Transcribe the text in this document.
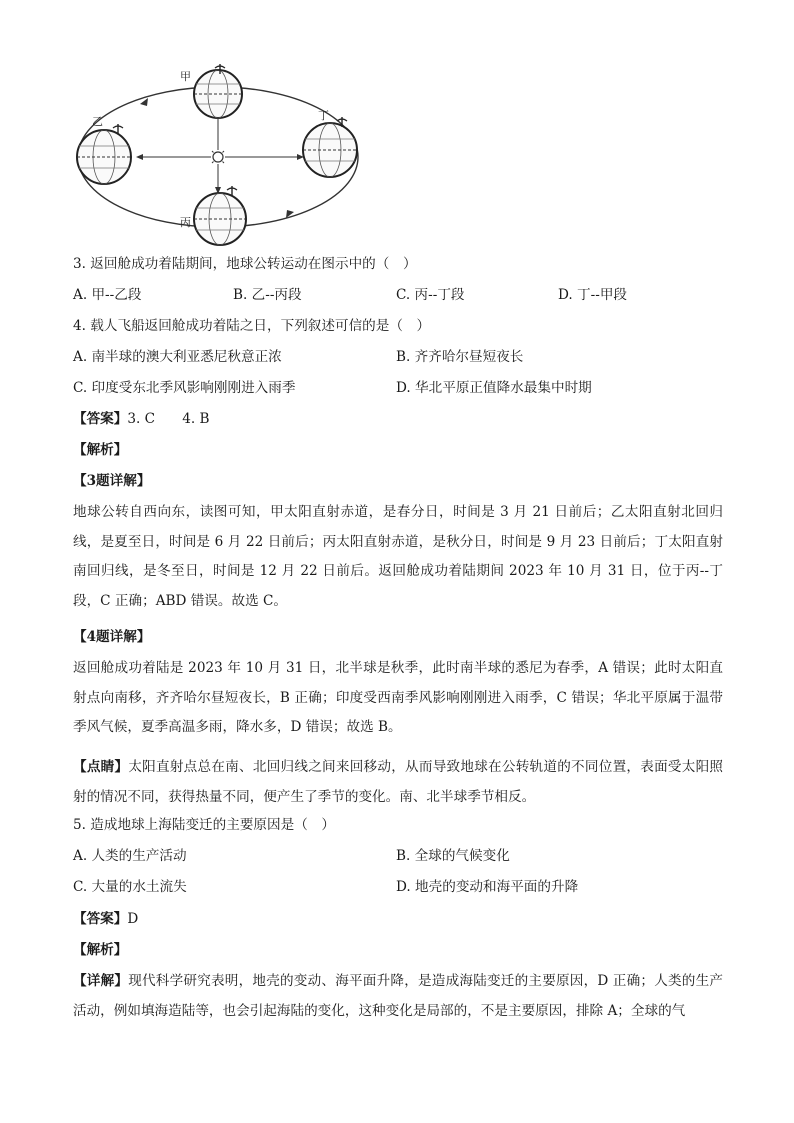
甲
乙
丙
丁
3. 返回舱成功着陆期间，地球公转运动在图示中的（　）
A. 甲--乙段	B. 乙--丙段	C. 丙--丁段	D. 丁--甲段
4. 载人飞船返回舱成功着陆之日，下列叙述可信的是（　）
A. 南半球的澳大利亚悉尼秋意正浓	B. 齐齐哈尔昼短夜长
C. 印度受东北季风影响刚刚进入雨季	D. 华北平原正值降水最集中时期
【答案】3. C　　4. B
【解析】
【3题详解】
地球公转自西向东，读图可知，甲太阳直射赤道，是春分日，时间是 3 月 21 日前后；乙太阳直射北回归线，是夏至日，时间是 6 月 22 日前后；丙太阳直射赤道，是秋分日，时间是 9 月 23 日前后；丁太阳直射南回归线，是冬至日，时间是 12 月 22 日前后。返回舱成功着陆期间 2023 年 10 月 31 日，位于丙--丁段，C 正确；ABD 错误。故选 C。
【4题详解】
返回舱成功着陆是 2023 年 10 月 31 日，北半球是秋季，此时南半球的悉尼为春季，A 错误；此时太阳直射点向南移，齐齐哈尔昼短夜长，B 正确；印度受西南季风影响刚刚进入雨季，C 错误；华北平原属于温带季风气候，夏季高温多雨，降水多，D 错误；故选 B。
【点睛】太阳直射点总在南、北回归线之间来回移动，从而导致地球在公转轨道的不同位置，表面受太阳照射的情况不同，获得热量不同，便产生了季节的变化。南、北半球季节相反。
5. 造成地球上海陆变迁的主要原因是（　）
A. 人类的生产活动	B. 全球的气候变化
C. 大量的水土流失	D. 地壳的变动和海平面的升降
【答案】D
【解析】
【详解】现代科学研究表明，地壳的变动、海平面升降，是造成海陆变迁的主要原因，D 正确；人类的生产活动，例如填海造陆等，也会引起海陆的变化，这种变化是局部的，不是主要原因，排除 A；全球的气
